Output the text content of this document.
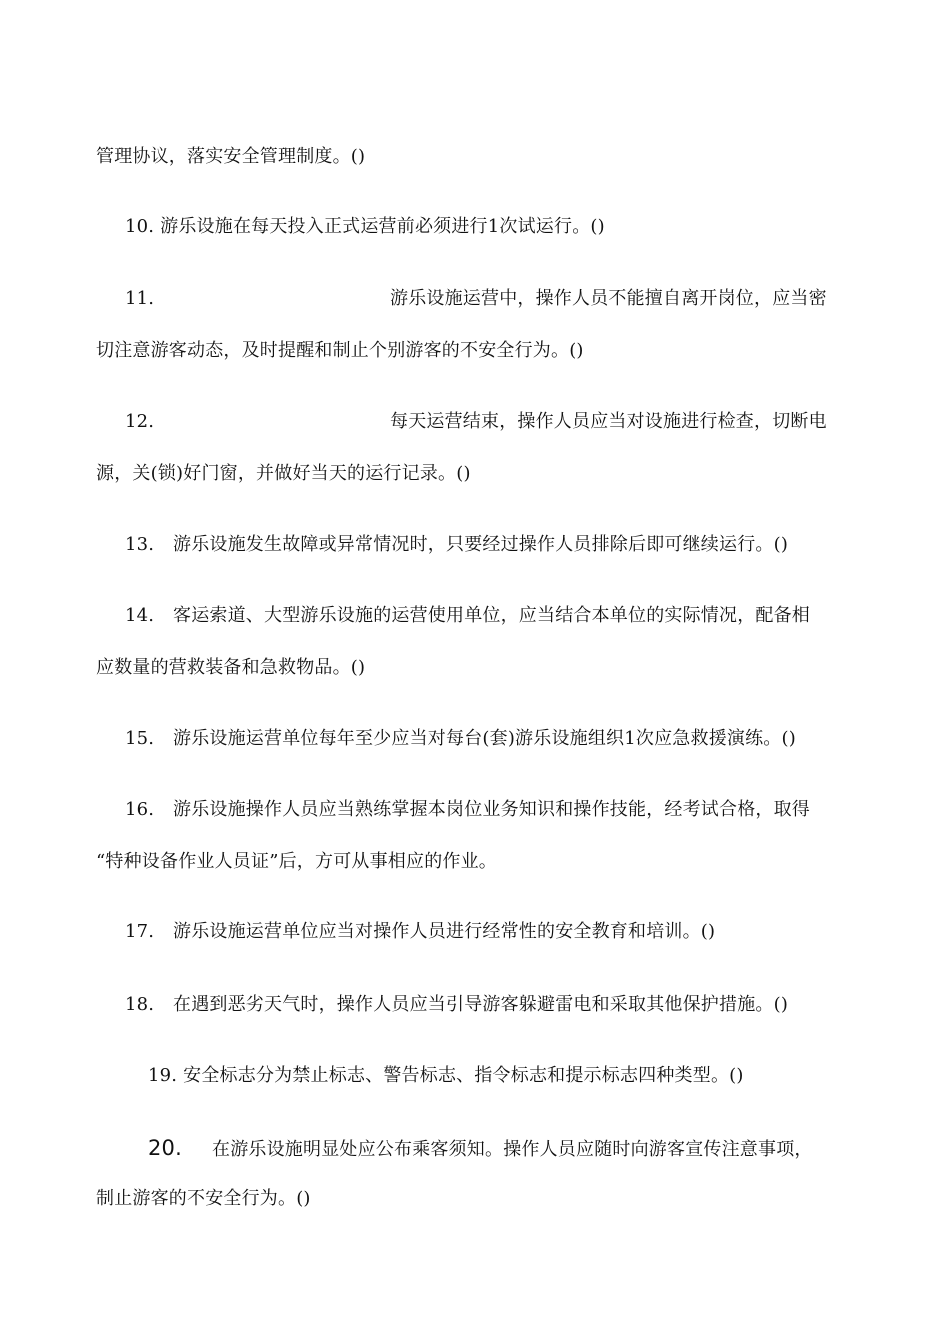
管理协议，落实安全管理制度。()
10. 游乐设施在每天投入正式运营前必须进行1次试运行。()
11.	游乐设施运营中，操作人员不能擅自离开岗位，应当密
切注意游客动态，及时提醒和制止个别游客的不安全行为。()
12.	每天运营结束，操作人员应当对设施进行检查，切断电
源，关(锁)好门窗，并做好当天的运行记录。()
13. 游乐设施发生故障或异常情况时，只要经过操作人员排除后即可继续运行。()
14. 客运索道、大型游乐设施的运营使用单位，应当结合本单位的实际情况，配备相
应数量的营救装备和急救物品。()
15. 游乐设施运营单位每年至少应当对每台(套)游乐设施组织1次应急救援演练。()
16. 游乐设施操作人员应当熟练掌握本岗位业务知识和操作技能，经考试合格，取得
“特种设备作业人员证”后，方可从事相应的作业。
17. 游乐设施运营单位应当对操作人员进行经常性的安全教育和培训。()
18. 在遇到恶劣天气时，操作人员应当引导游客躲避雷电和采取其他保护措施。()
19. 安全标志分为禁止标志、警告标志、指令标志和提示标志四种类型。()
20. 在游乐设施明显处应公布乘客须知。操作人员应随时向游客宣传注意事项，
制止游客的不安全行为。()
